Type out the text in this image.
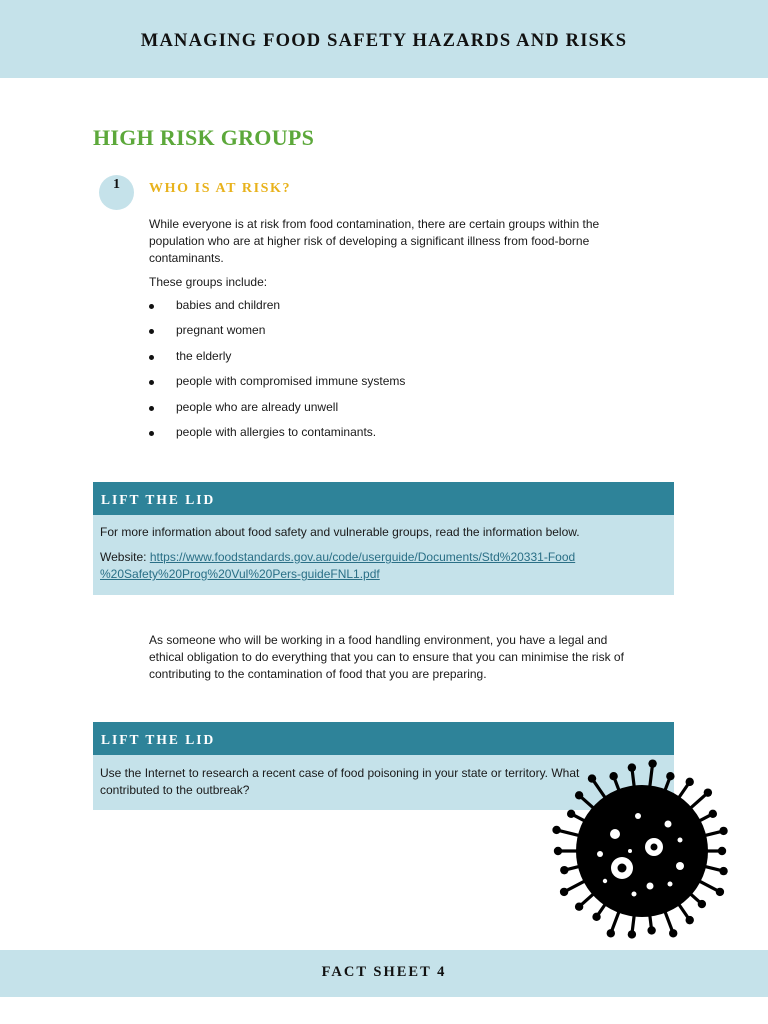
MANAGING FOOD SAFETY HAZARDS AND RISKS
HIGH RISK GROUPS
1	WHO IS AT RISK?
While everyone is at risk from food contamination, there are certain groups within the
population who are at higher risk of developing a significant illness from food-borne
contaminants.
These groups include:
babies and children
pregnant women
the elderly
people with compromised immune systems
people who are already unwell
people with allergies to contaminants.
LIFT THE LID
For more information about food safety and vulnerable groups, read the information below.
Website: https://www.foodstandards.gov.au/code/userguide/Documents/Std%20331-Food
%20Safety%20Prog%20Vul%20Pers-guideFNL1.pdf
As someone who will be working in a food handling environment, you have a legal and
ethical obligation to do everything that you can to ensure that you can minimise the risk of
contributing to the contamination of food that you are preparing.
LIFT THE LID
Use the Internet to research a recent case of food poisoning in your state or territory. What
contributed to the outbreak?
FACT SHEET 4
